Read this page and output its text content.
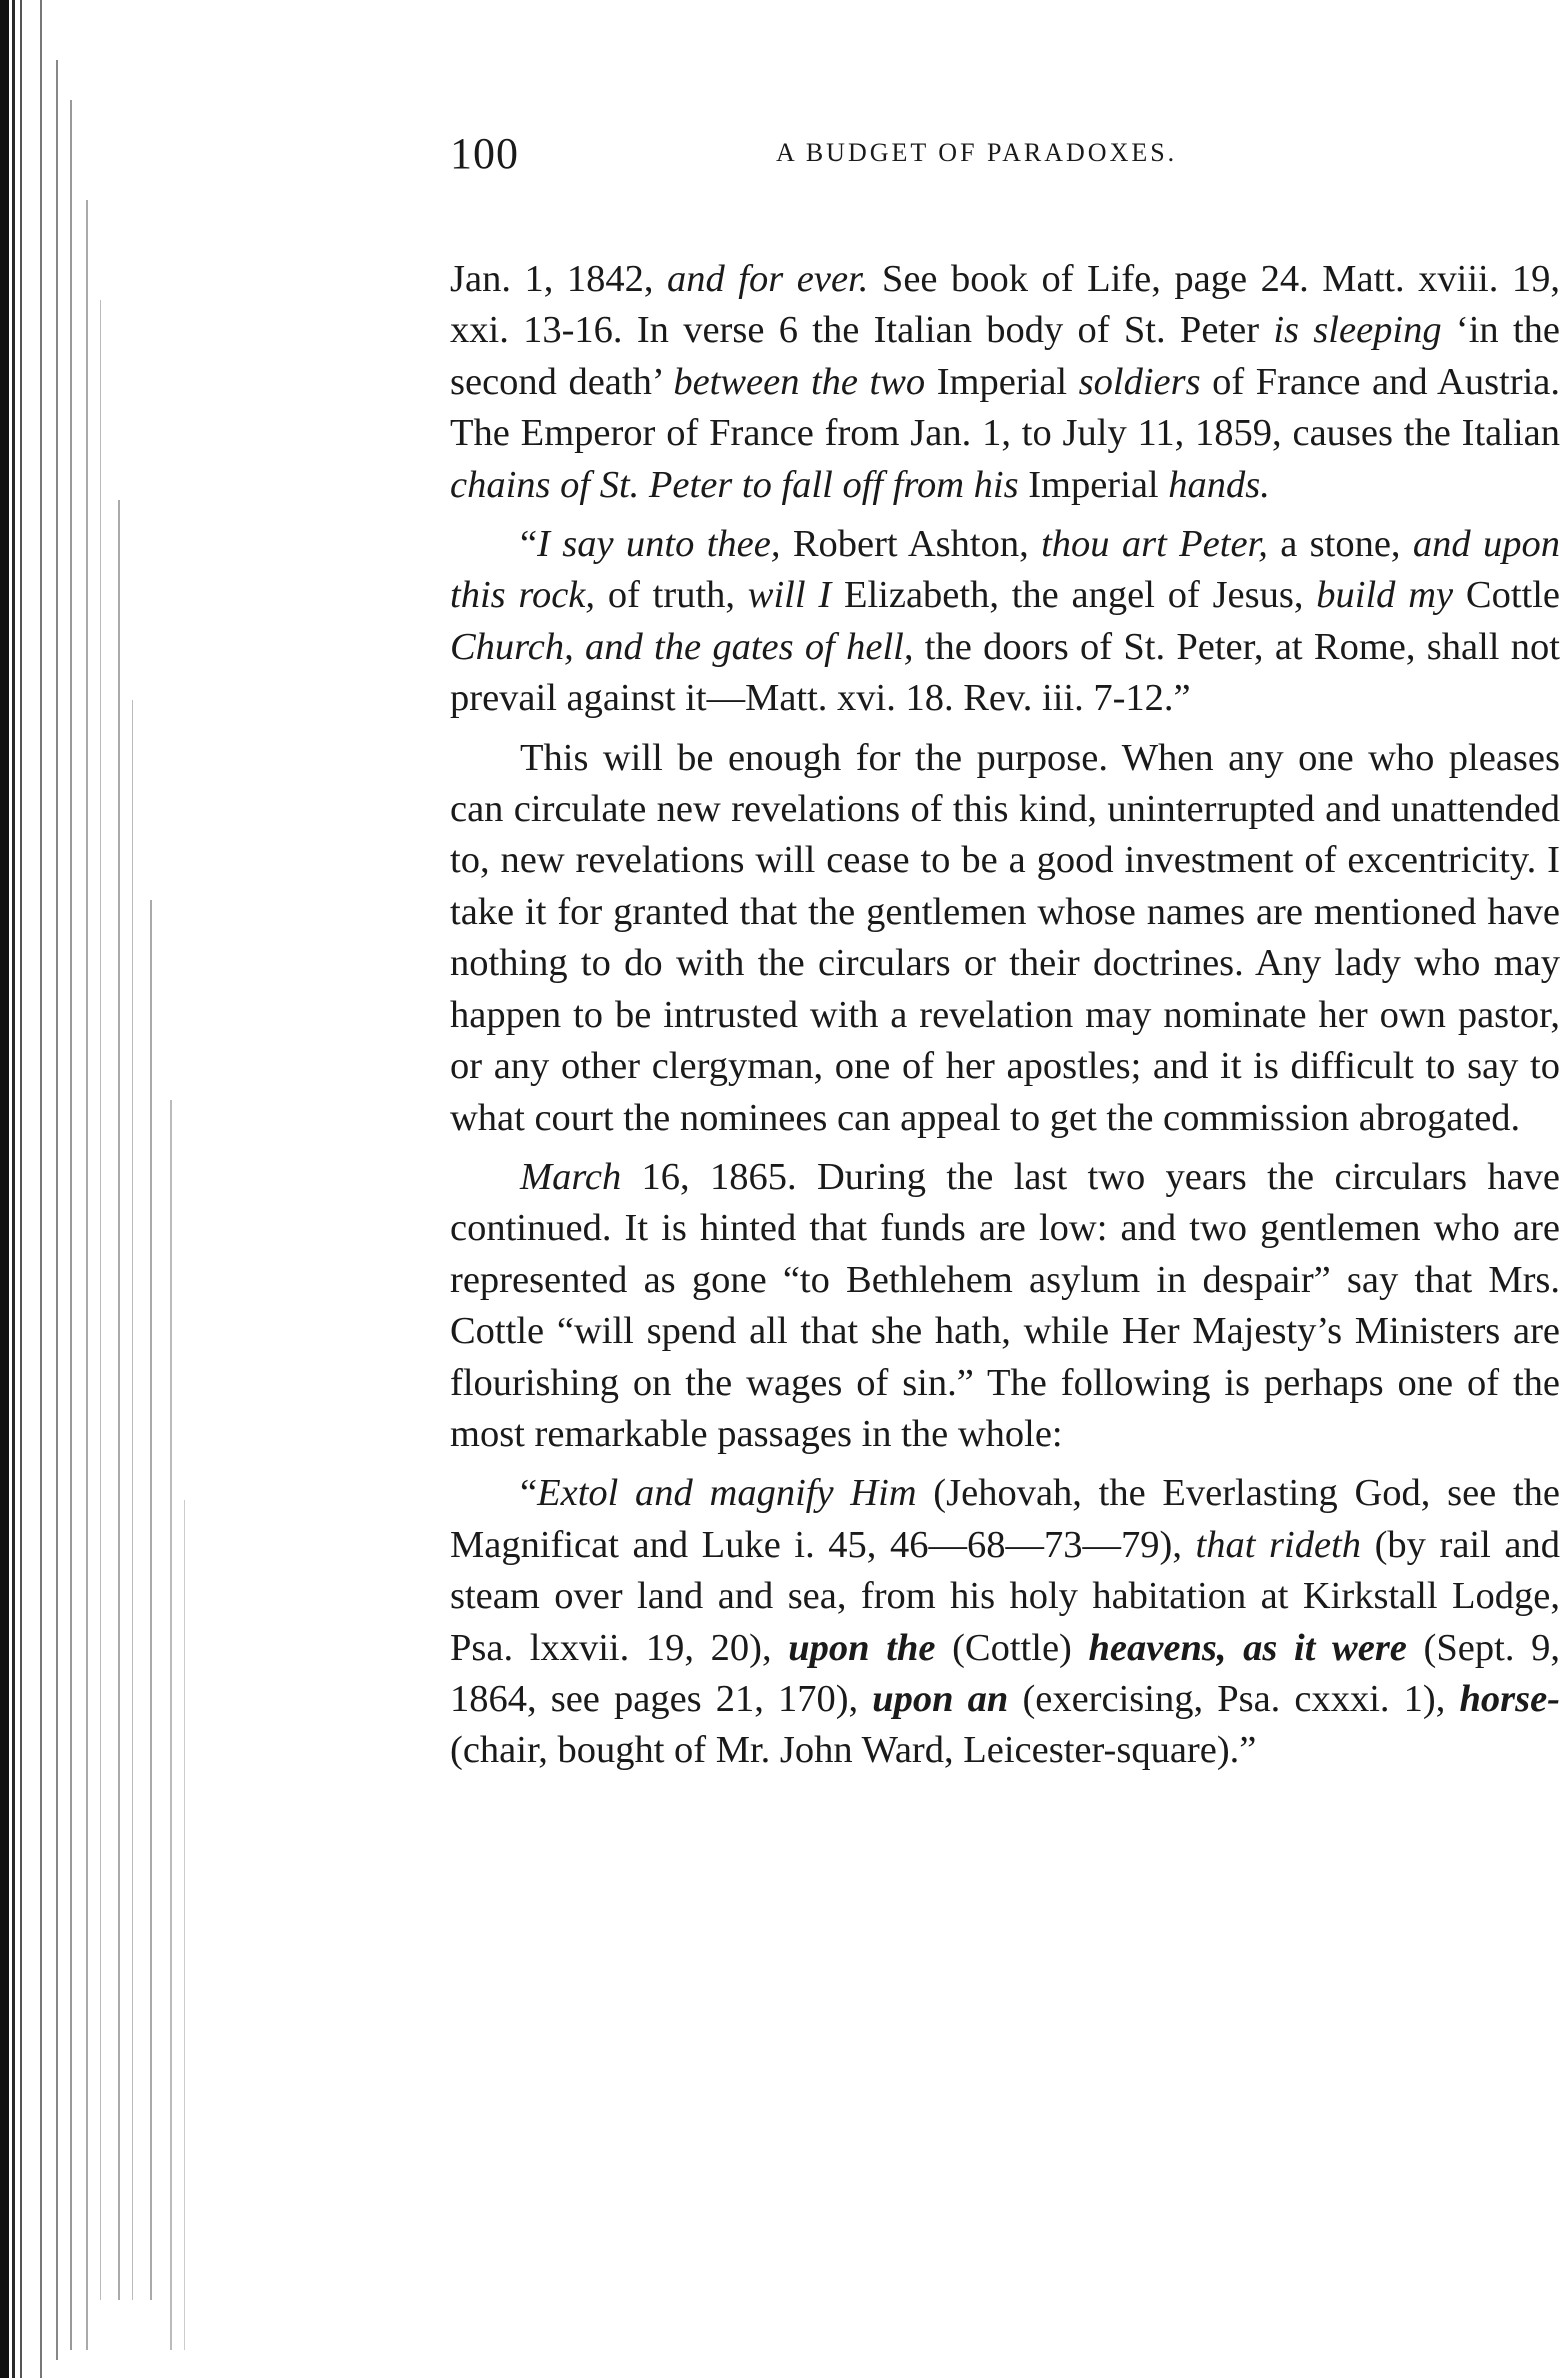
100	A BUDGET OF PARADOXES.

Jan. 1, 1842, and for ever. See book of Life, page 24. Matt. xviii. 19, xxi. 13-16. In verse 6 the Italian body of St. Peter is sleeping ‘in the second death’ between the two Imperial soldiers of France and Austria. The Emperor of France from Jan. 1, to July 11, 1859, causes the Italian chains of St. Peter to fall off from his Imperial hands.

“I say unto thee, Robert Ashton, thou art Peter, a stone, and upon this rock, of truth, will I Elizabeth, the angel of Jesus, build my Cottle Church, and the gates of hell, the doors of St. Peter, at Rome, shall not prevail against it—Matt. xvi. 18. Rev. iii. 7-12.”

This will be enough for the purpose. When any one who pleases can circulate new revelations of this kind, uninterrupted and unattended to, new revelations will cease to be a good investment of excentricity. I take it for granted that the gentlemen whose names are mentioned have nothing to do with the circulars or their doctrines. Any lady who may happen to be intrusted with a revelation may nominate her own pastor, or any other clergyman, one of her apostles; and it is difficult to say to what court the nominees can appeal to get the commission abrogated.

March 16, 1865. During the last two years the circulars have continued. It is hinted that funds are low: and two gentlemen who are represented as gone “to Bethlehem asylum in despair” say that Mrs. Cottle “will spend all that she hath, while Her Majesty’s Ministers are flourishing on the wages of sin.” The following is perhaps one of the most remarkable passages in the whole:

“Extol and magnify Him (Jehovah, the Everlasting God, see the Magnificat and Luke i. 45, 46—68—73—79), that rideth (by rail and steam over land and sea, from his holy habitation at Kirkstall Lodge, Psa. lxxvii. 19, 20), upon the (Cottle) heavens, as it were (Sept. 9, 1864, see pages 21, 170), upon an (exercising, Psa. cxxxi. 1), horse- (chair, bought of Mr. John Ward, Leicester-square).”
